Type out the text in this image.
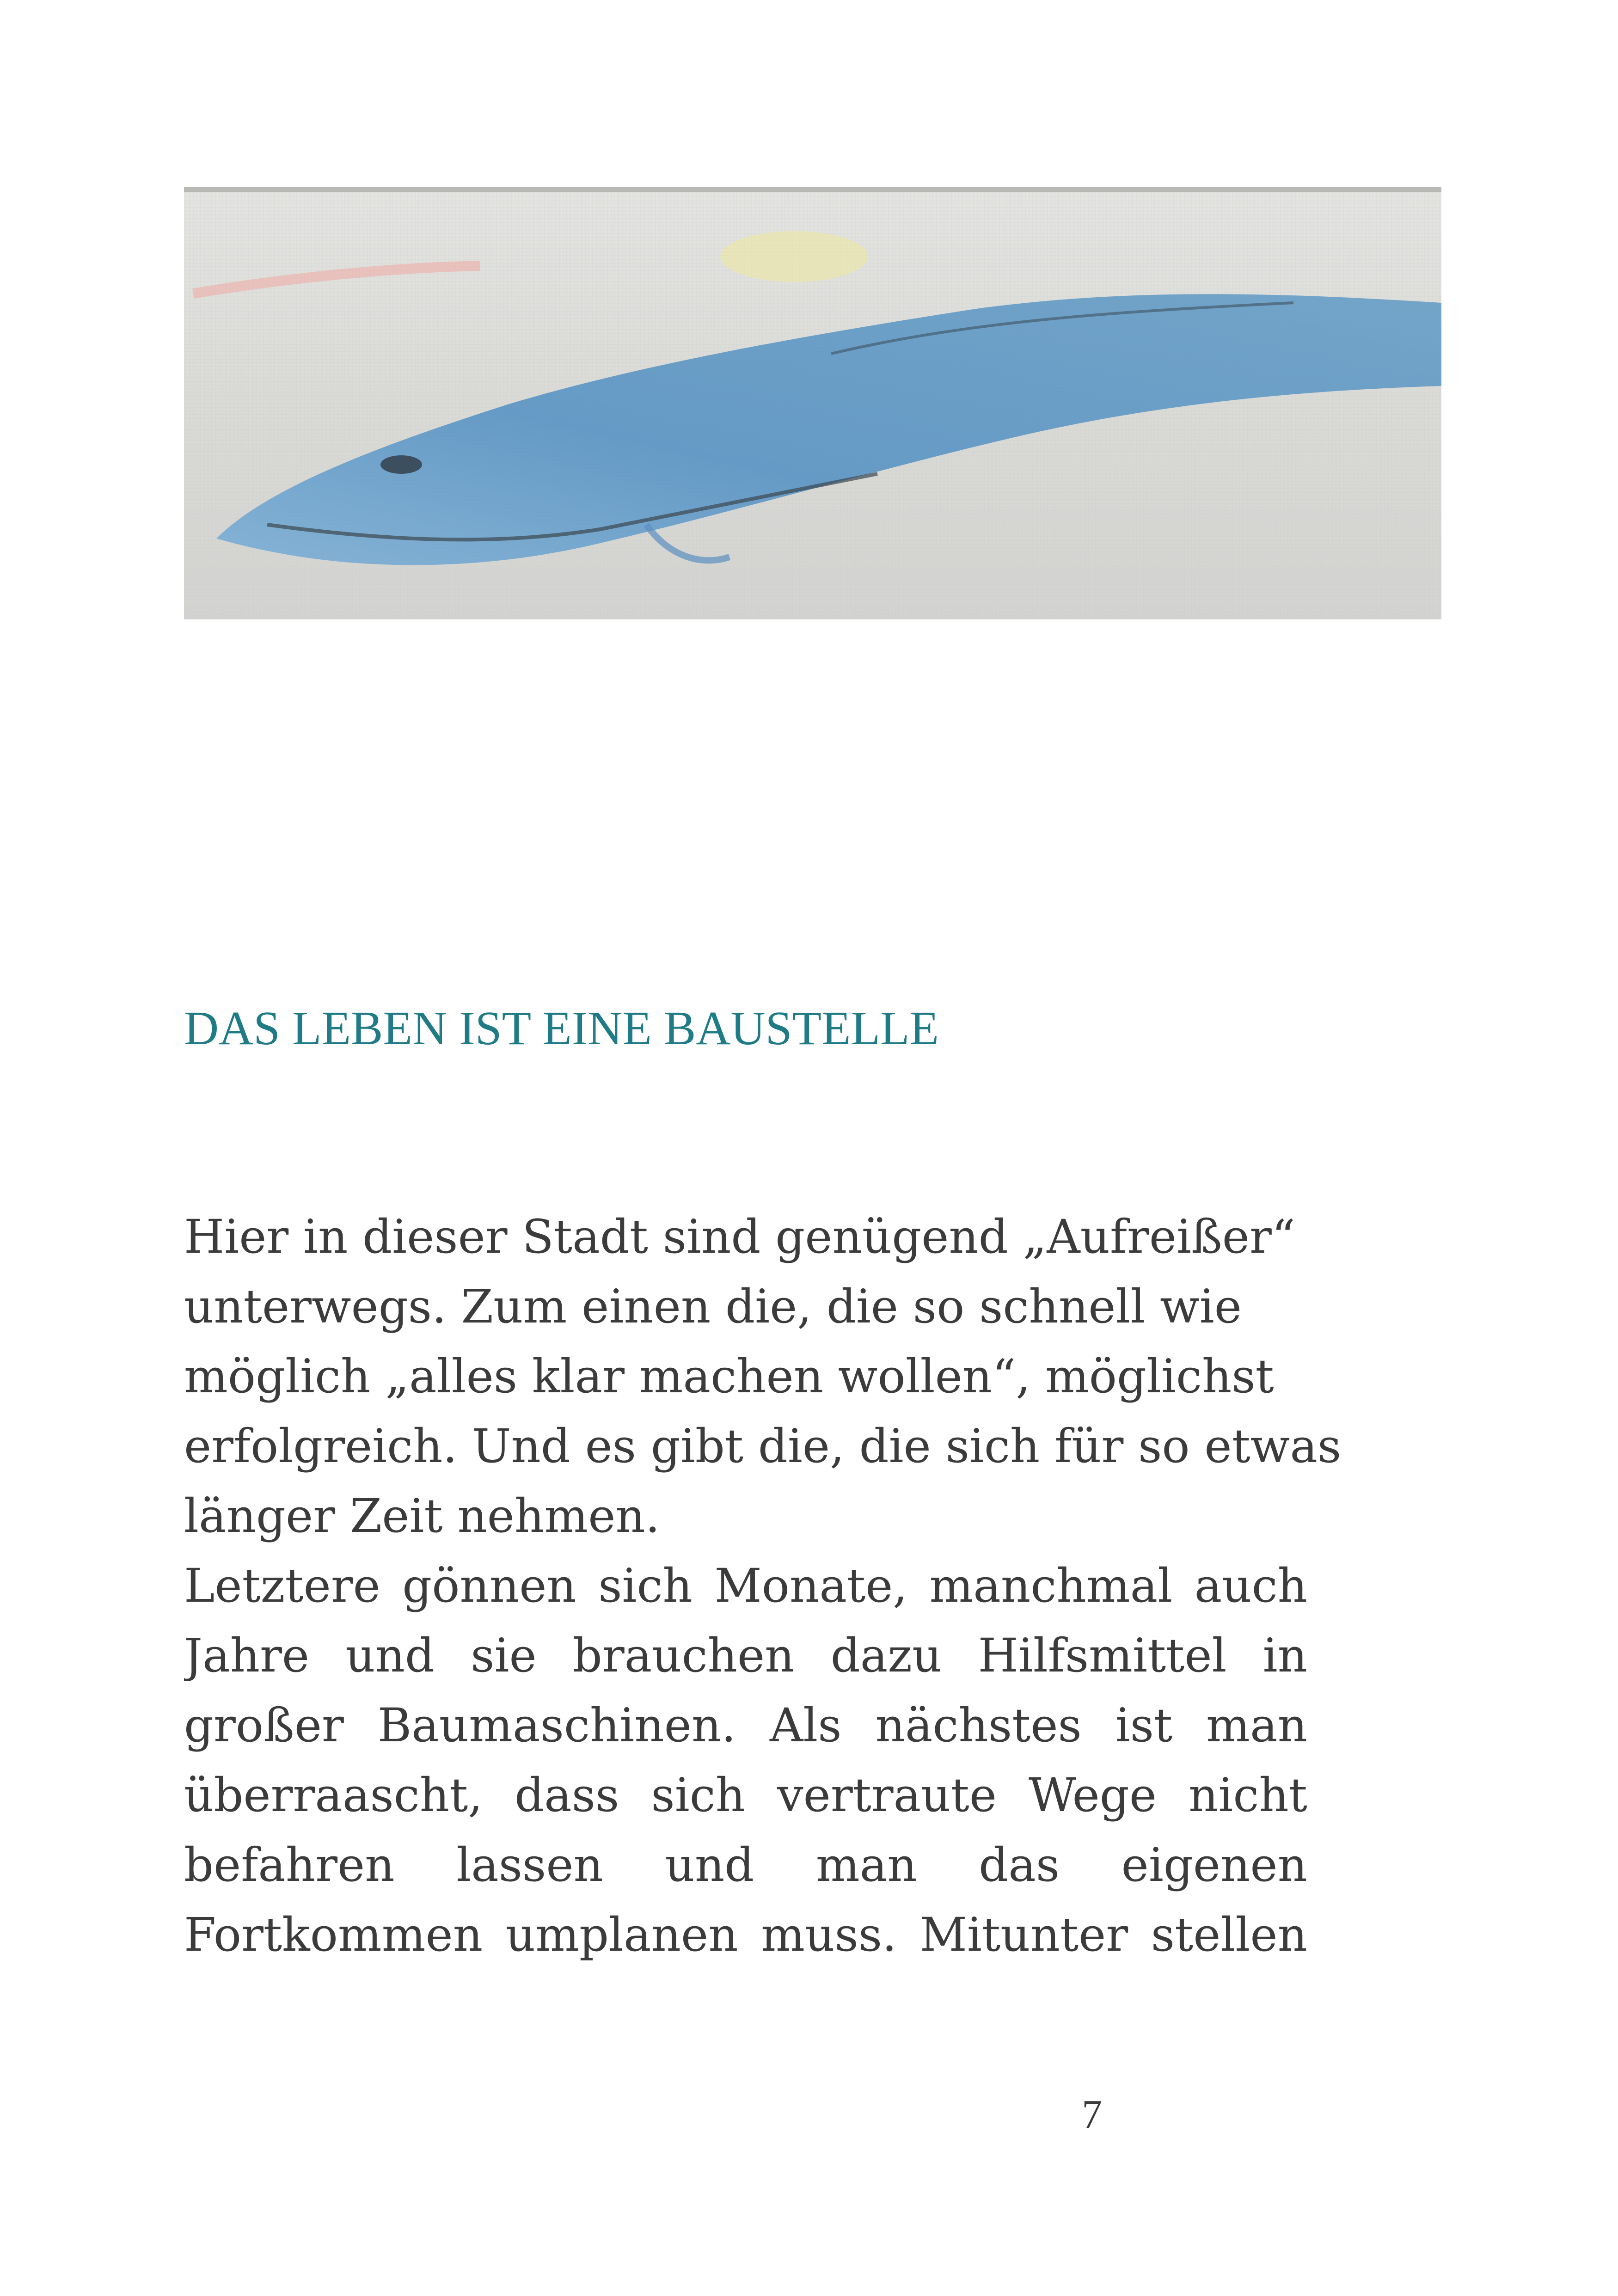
DAS LEBEN IST EINE BAUSTELLE
Hier in dieser Stadt sind genügend „Aufreißer“
unterwegs. Zum einen die, die so schnell wie
möglich „alles klar machen wollen“, möglichst
erfolgreich. Und es gibt die, die sich für so etwas
länger Zeit nehmen.
Letztere gönnen sich Monate, manchmal auch
Jahre und sie brauchen dazu Hilfsmittel in
großer Baumaschinen. Als nächstes ist man
überraascht, dass sich vertraute Wege nicht
befahren lassen und man das eigenen
Fortkommen umplanen muss. Mitunter stellen
7
